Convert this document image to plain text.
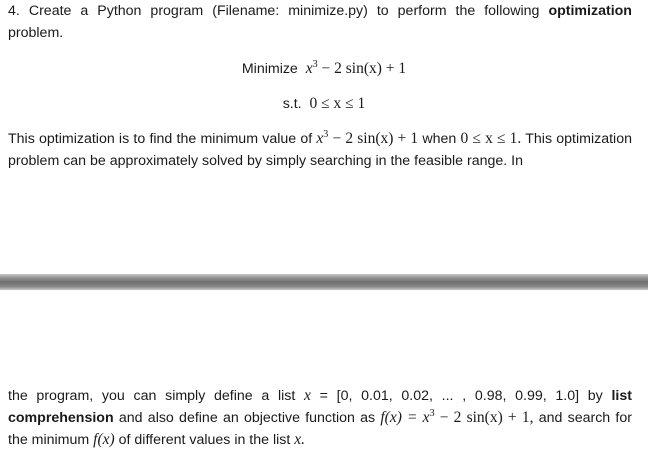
4. Create a Python program (Filename: minimize.py) to perform the following optimization problem.
Minimize $x^3 - 2$ sin(x) + 1
s.t. 0 ≤ x ≤ 1
This optimization is to find the minimum value of $x^3 - 2$ sin(x) + 1 when 0 ≤ x ≤ 1. This optimization problem can be approximately solved by simply searching in the feasible range. In
the program, you can simply define a list x = [0, 0.01, 0.02, ... , 0.98, 0.99, 1.0] by list comprehension and also define an objective function as $f(x) = x^3 - 2$ sin(x) + 1, and search for the minimum f(x) of different values in the list x.
